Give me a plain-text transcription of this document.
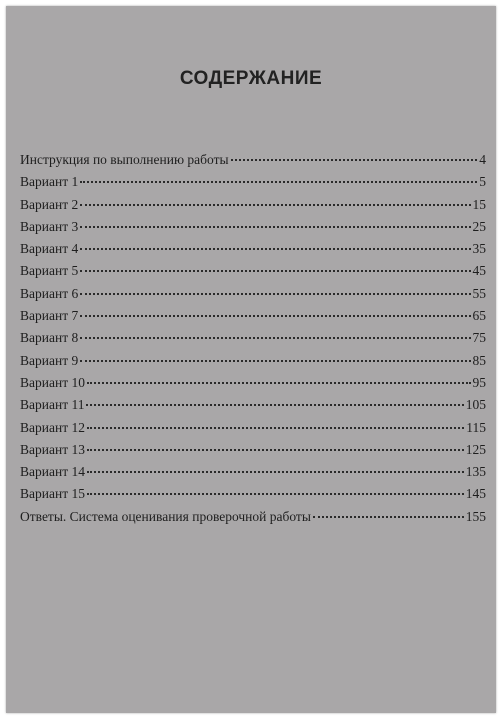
СОДЕРЖАНИЕ
Инструкция по выполнению работы	4
Вариант 1	5
Вариант 2	15
Вариант 3	25
Вариант 4	35
Вариант 5	45
Вариант 6	55
Вариант 7	65
Вариант 8	75
Вариант 9	85
Вариант 10	95
Вариант 11	105
Вариант 12	115
Вариант 13	125
Вариант 14	135
Вариант 15	145
Ответы. Система оценивания проверочной работы	155
